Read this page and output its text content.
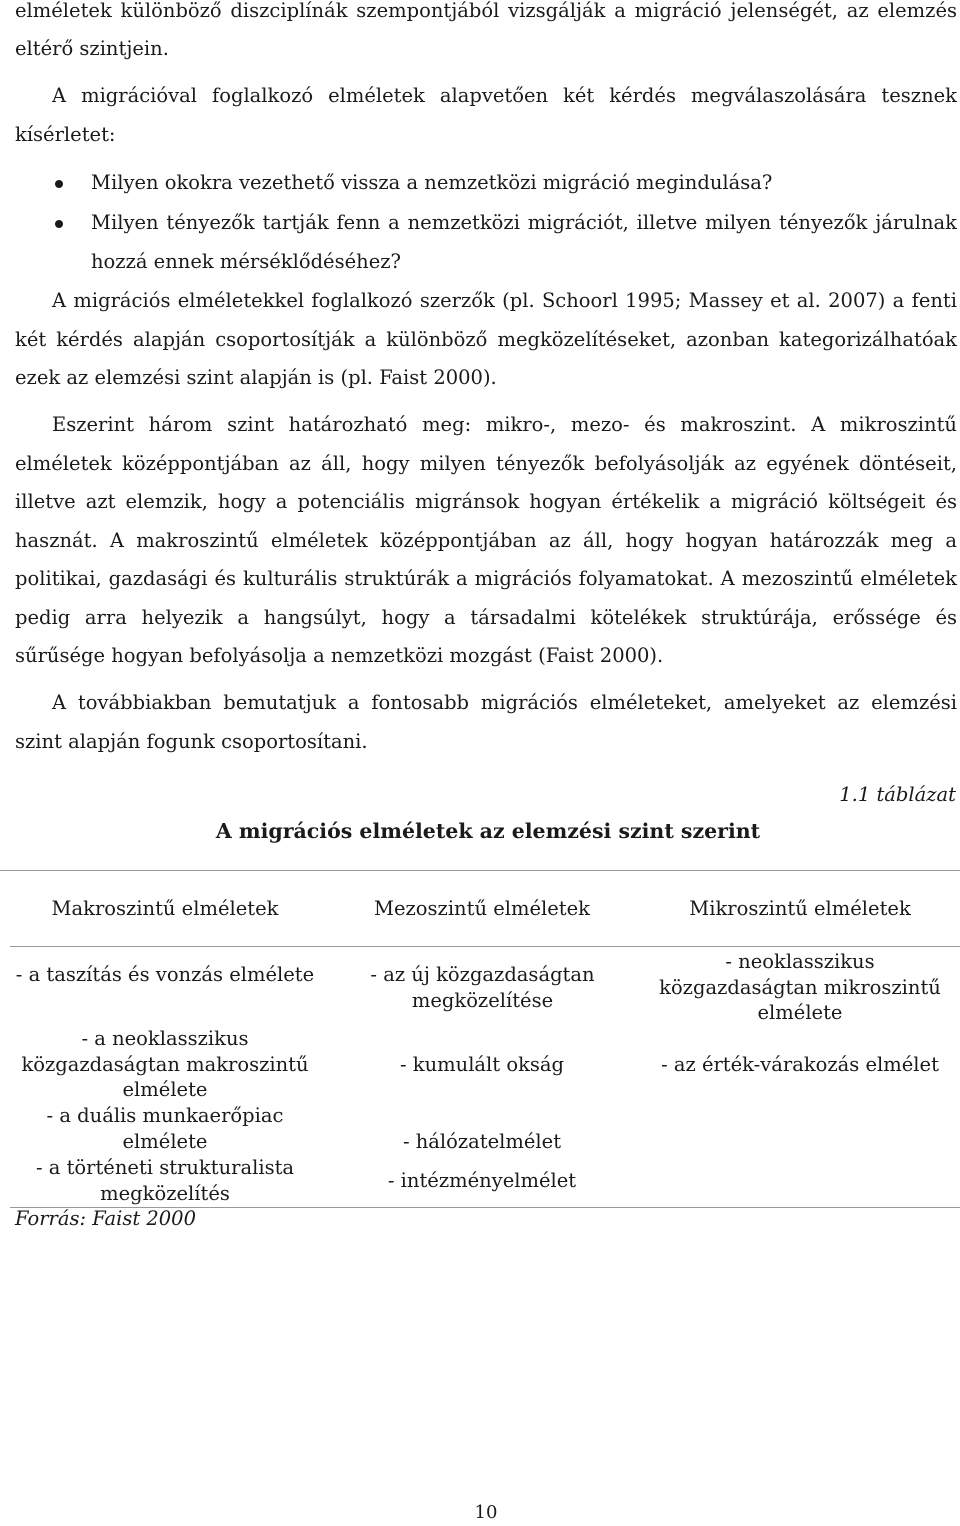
elméletek különböző diszciplínák szempontjából vizsgálják a migráció jelenségét, az elemzés

eltérő szintjein.

A migrációval foglalkozó elméletek alapvetően két kérdés megválaszolására tesznek kísérletet:

Milyen okokra vezethető vissza a nemzetközi migráció megindulása?

Milyen tényezők tartják fenn a nemzetközi migrációt, illetve milyen tényezők járulnak hozzá ennek mérséklődéséhez?

A migrációs elméletekkel foglalkozó szerzők (pl. Schoorl 1995; Massey et al. 2007) a fenti két kérdés alapján csoportosítják a különböző megközelítéseket, azonban kategorizálhatóak ezek az elemzési szint alapján is (pl. Faist 2000).

Eszerint három szint határozható meg: mikro-, mezo- és makroszint. A mikroszintű elméletek középpontjában az áll, hogy milyen tényezők befolyásolják az egyének döntéseit, illetve azt elemzik, hogy a potenciális migránsok hogyan értékelik a migráció költségeit és hasznát. A makroszintű elméletek középpontjában az áll, hogy hogyan határozzák meg a politikai, gazdasági és kulturális struktúrák a migrációs folyamatokat. A mezoszintű elméletek pedig arra helyezik a hangsúlyt, hogy a társadalmi kötelékek struktúrája, erőssége és sűrűsége hogyan befolyásolja a nemzetközi mozgást (Faist 2000).

A továbbiakban bemutatjuk a fontosabb migrációs elméleteket, amelyeket az elemzési szint alapján fogunk csoportosítani.

1.1 táblázat

A migrációs elméletek az elemzési szint szerint

Makroszintű elméletek	Mezoszintű elméletek	Mikroszintű elméletek

- a taszítás és vonzás elmélete

- a neoklasszikus közgazdaságtan makroszintű elmélete

- a duális munkaerőpiac elmélete

- a történeti strukturalista megközelítés

- az új közgazdaságtan megközelítése

- kumulált okság

- hálózatelmélet

- intézményelmélet

- neoklasszikus közgazdaságtan mikroszintű elmélete

- az érték-várakozás elmélet

Forrás: Faist 2000

10
